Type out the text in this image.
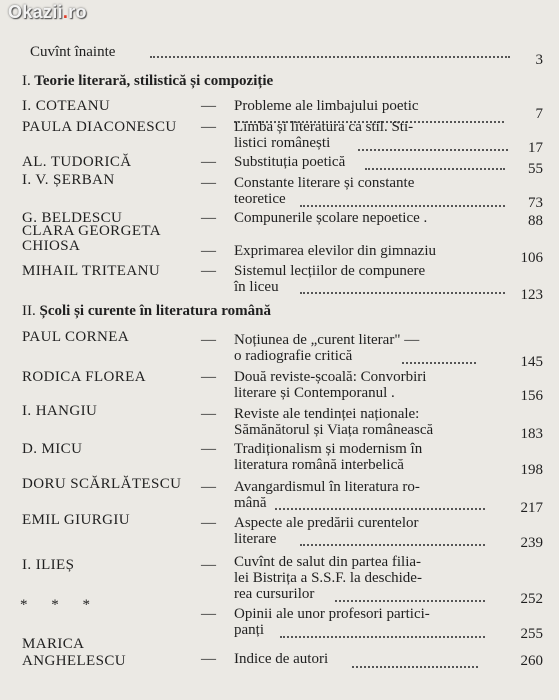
Okazii.ro
Cuvînt înainte	3
I. Teorie literară, stilistică și compoziție
I. COTEANU	— Probleme ale limbajului poetic	7
PAULA DIACONESCU — Limba și literatura ca stil. Sti-
listici românești	17
AL. TUDORICĂ	— Substituția poetică	55
I. V. ȘERBAN	— Constante literare și constante
teoretice	73
G. BELDESCU	— Compunerile școlare nepoetice .	88
CLARA GEORGETA
CHIOSA	— Exprimarea elevilor din gimnaziu	106
MIHAIL TRITEANU	— Sistemul lecțiilor de compunere
în liceu	123
II. Școli și curente în literatura română
PAUL CORNEA	— Noțiunea de „curent literar" —
o radiografie critică	145
RODICA FLOREA	— Două reviste-școală: Convorbiri
literare și Contemporanul .	156
I. HANGIU	— Reviste ale tendinței naționale:
Sămănătorul și Viața românească	183
D. MICU	— Tradiționalism și modernism în
literatura română interbelică	198
DORU SCĂRLĂTESCU — Avangardismul în literatura ro-
mână	217
EMIL GIURGIU	— Aspecte ale predării curentelor
literare	239
I. ILIEȘ	— Cuvînt de salut din partea filia-
lei Bistrița a S.S.F. la deschide-
rea cursurilor	252
* * *
— Opinii ale unor profesori partici-
panți	255
MARICA
ANGHELESCU	— Indice de autori	260
